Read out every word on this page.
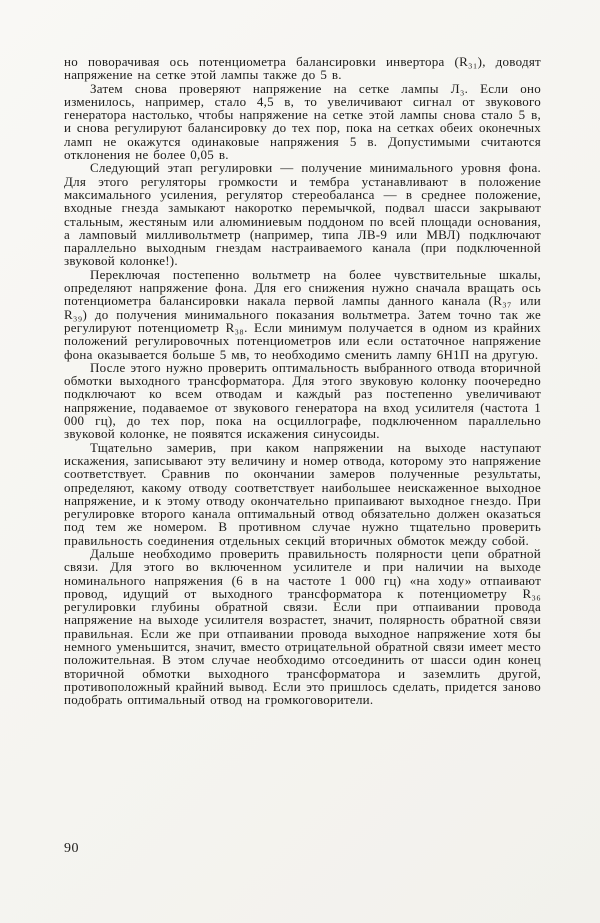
но поворачивая ось потенциометра балансировки инвертора (R₃₁), доводят напряжение на сетке этой лампы также до 5 в.

Затем снова проверяют напряжение на сетке лампы Л₃. Если оно изменилось, например, стало 4,5 в, то увеличивают сигнал от звукового генератора настолько, чтобы напряжение на сетке этой лампы снова стало 5 в, и снова регулируют балансировку до тех пор, пока на сетках обеих оконечных ламп не окажутся одинаковые напряжения 5 в. Допустимыми считаются отклонения не более 0,05 в.

Следующий этап регулировки — получение минимального уровня фона. Для этого регуляторы громкости и тембра устанавливают в положение максимального усиления, регулятор стереобаланса — в среднее положение, входные гнезда замыкают накоротко перемычкой, подвал шасси закрывают стальным, жестяным или алюминиевым поддоном по всей площади основания, а ламповый милливольтметр (например, типа ЛВ-9 или МВЛ) подключают параллельно выходным гнездам настраиваемого канала (при подключенной звуковой колонке!).

Переключая постепенно вольтметр на более чувствительные шкалы, определяют напряжение фона. Для его снижения нужно сначала вращать ось потенциометра балансировки накала первой лампы данного канала (R₃₇ или R₃₉) до получения минимального показания вольтметра. Затем точно так же регулируют потенциометр R₃₈. Если минимум получается в одном из крайних положений регулировочных потенциометров или если остаточное напряжение фона оказывается больше 5 мв, то необходимо сменить лампу 6Н1П на другую.

После этого нужно проверить оптимальность выбранного отвода вторичной обмотки выходного трансформатора. Для этого звуковую колонку поочередно подключают ко всем отводам и каждый раз постепенно увеличивают напряжение, подаваемое от звукового генератора на вход усилителя (частота 1 000 гц), до тех пор, пока на осциллографе, подключенном параллельно звуковой колонке, не появятся искажения синусоиды.

Тщательно замерив, при каком напряжении на выходе наступают искажения, записывают эту величину и номер отвода, которому это напряжение соответствует. Сравнив по окончании замеров полученные результаты, определяют, какому отводу соответствует наибольшее неискаженное выходное напряжение, и к этому отводу окончательно припаивают выходное гнездо. При регулировке второго канала оптимальный отвод обязательно должен оказаться под тем же номером. В противном случае нужно тщательно проверить правильность соединения отдельных секций вторичных обмоток между собой.

Дальше необходимо проверить правильность полярности цепи обратной связи. Для этого во включенном усилителе и при наличии на выходе номинального напряжения (6 в на частоте 1 000 гц) «на ходу» отпаивают провод, идущий от выходного трансформатора к потенциометру R₃₆ регулировки глубины обратной связи. Если при отпаивании провода напряжение на выходе усилителя возрастет, значит, полярность обратной связи правильная. Если же при отпаивании провода выходное напряжение хотя бы немного уменьшится, значит, вместо отрицательной обратной связи имеет место положительная. В этом случае необходимо отсоединить от шасси один конец вторичной обмотки выходного трансформатора и заземлить другой, противоположный крайний вывод. Если это пришлось сделать, придется заново подобрать оптимальный отвод на громкоговорители.

90
